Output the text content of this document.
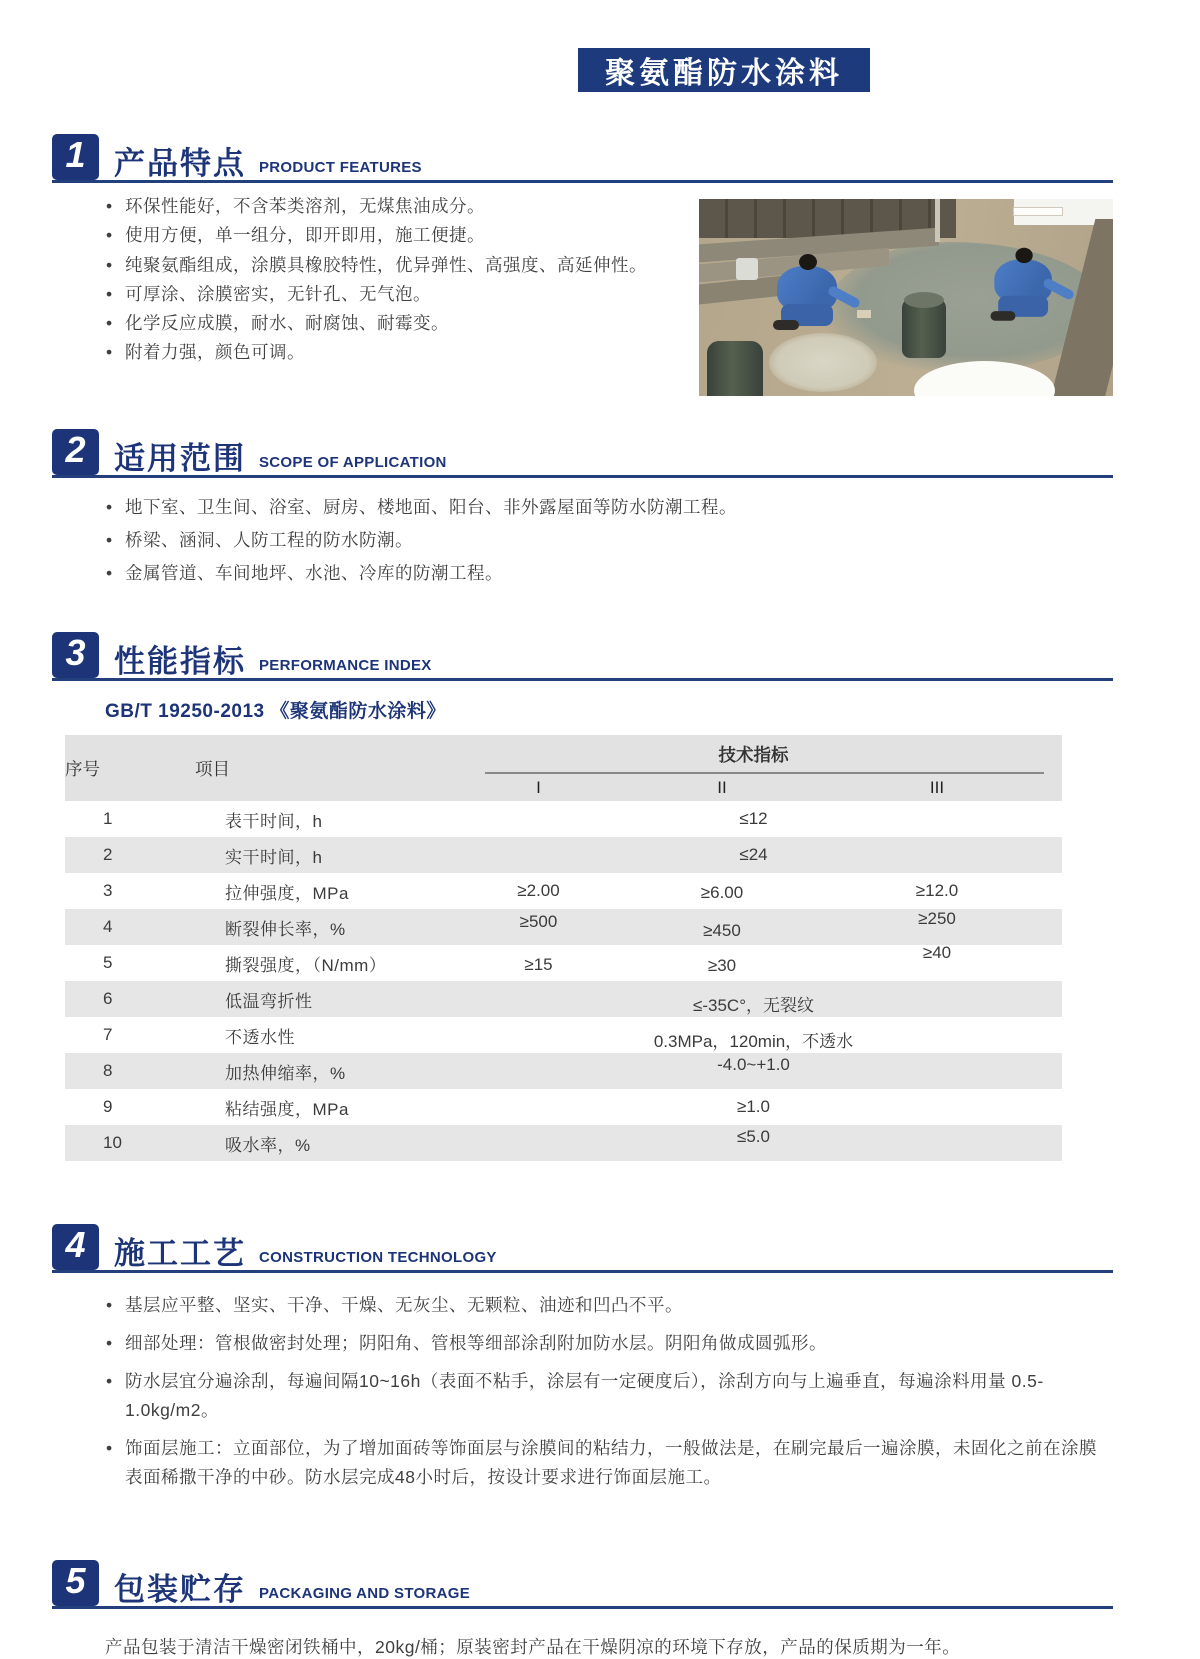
聚氨酯防水涂料
1 产品特点 PRODUCT FEATURES
• 环保性能好，不含苯类溶剂，无煤焦油成分。
• 使用方便，单一组分，即开即用，施工便捷。
• 纯聚氨酯组成，涂膜具橡胶特性，优异弹性、高强度、高延伸性。
• 可厚涂、涂膜密实，无针孔、无气泡。
• 化学反应成膜，耐水、耐腐蚀、耐霉变。
• 附着力强，颜色可调。
2 适用范围 SCOPE OF APPLICATION
• 地下室、卫生间、浴室、厨房、楼地面、阳台、非外露屋面等防水防潮工程。
• 桥梁、涵洞、人防工程的防水防潮。
• 金属管道、车间地坪、水池、冷库的防潮工程。
3 性能指标 PERFORMANCE INDEX
GB/T 19250-2013 《聚氨酯防水涂料》
序号	项目	技术指标		

		I	II	III
1	表干时间，h	≤12		
2	实干时间，h	≤24		
3	拉伸强度，MPa	≥2.00	≥6.00	≥12.0
4	断裂伸长率，%	≥500	≥450	≥250
5	撕裂强度，（N/mm）	≥15	≥30	≥40
6	低温弯折性	≤-35C°，无裂纹		
7	不透水性	0.3MPa，120min，不透水		
8	加热伸缩率，%	-4.0~+1.0		
9	粘结强度，MPa	≥1.0		
10	吸水率，%	≤5.0		
4 施工工艺 CONSTRUCTION TECHNOLOGY
• 基层应平整、坚实、干净、干燥、无灰尘、无颗粒、油迹和凹凸不平。
• 细部处理：管根做密封处理；阴阳角、管根等细部涂刮附加防水层。阴阳角做成圆弧形。
• 防水层宜分遍涂刮，每遍间隔10~16h（表面不粘手，涂层有一定硬度后），涂刮方向与上遍垂直，每遍涂料用量 0.5-1.0kg/m2。
• 饰面层施工：立面部位，为了增加面砖等饰面层与涂膜间的粘结力，一般做法是，在刷完最后一遍涂膜，未固化之前在涂膜表面稀撒干净的中砂。防水层完成48小时后，按设计要求进行饰面层施工。
5 包装贮存 PACKAGING AND STORAGE
产品包装于清洁干燥密闭铁桶中，20kg/桶；原装密封产品在干燥阴凉的环境下存放，产品的保质期为一年。
